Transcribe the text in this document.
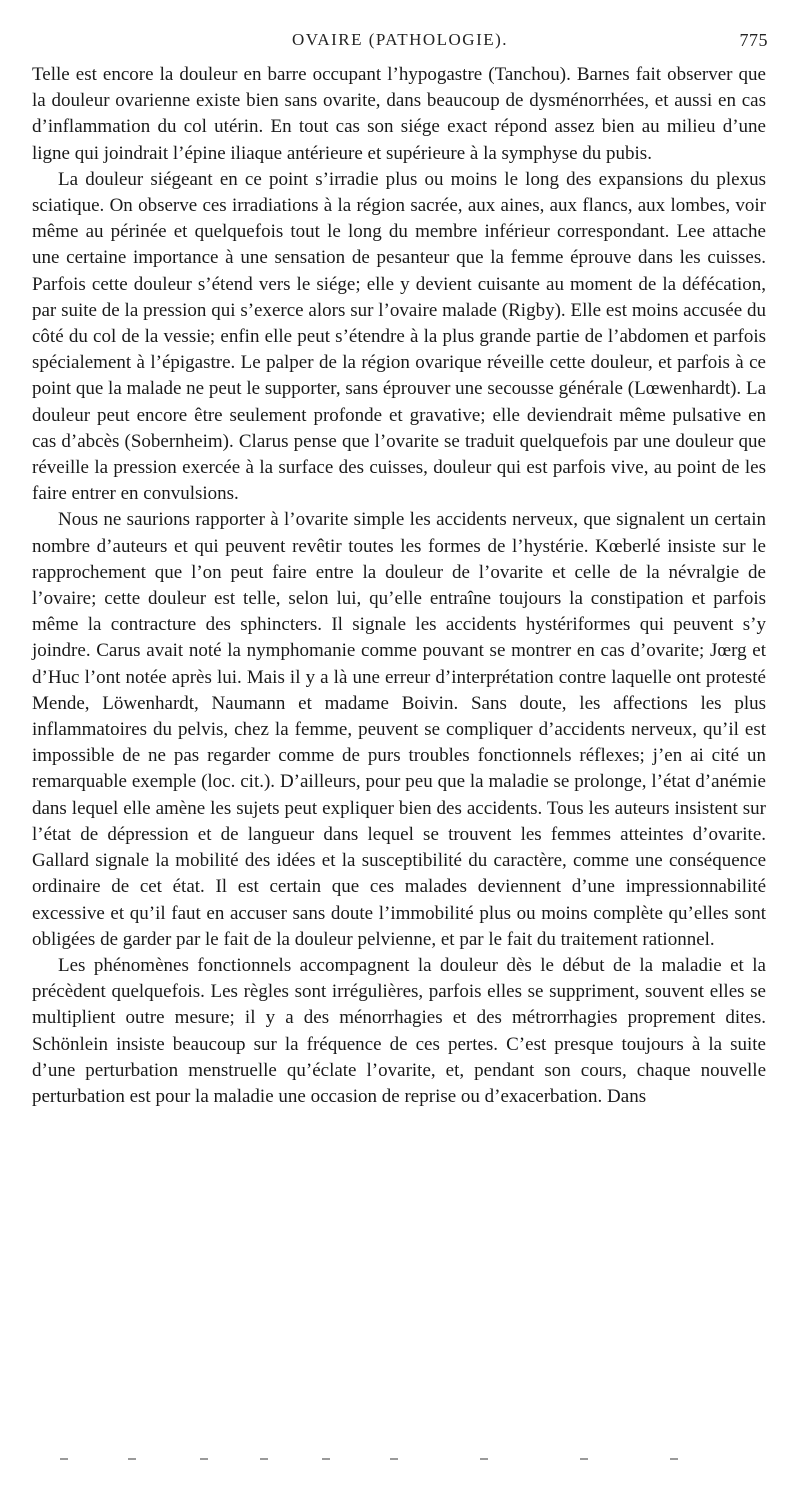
OVAIRE (PATHOLOGIE).	775

Telle est encore la douleur en barre occupant l’hypogastre (Tanchou). Barnes fait observer que la douleur ovarienne existe bien sans ovarite, dans beaucoup de dysménorrhées, et aussi en cas d’inflammation du col utérin. En tout cas son siége exact répond assez bien au milieu d’une ligne qui joindrait l’épine iliaque antérieure et supérieure à la symphyse du pubis.

La douleur siégeant en ce point s’irradie plus ou moins le long des expansions du plexus sciatique. On observe ces irradiations à la région sacrée, aux aines, aux flancs, aux lombes, voir même au périnée et quelquefois tout le long du membre inférieur correspondant. Lee attache une certaine importance à une sensation de pesanteur que la femme éprouve dans les cuisses. Parfois cette douleur s’étend vers le siége; elle y devient cuisante au moment de la défécation, par suite de la pression qui s’exerce alors sur l’ovaire malade (Rigby). Elle est moins accusée du côté du col de la vessie; enfin elle peut s’étendre à la plus grande partie de l’abdomen et parfois spécialement à l’épigastre. Le palper de la région ovarique réveille cette douleur, et parfois à ce point que la malade ne peut le supporter, sans éprouver une secousse générale (Lœwenhardt). La douleur peut encore être seulement profonde et gravative; elle deviendrait même pulsative en cas d’abcès (Sobernheim). Clarus pense que l’ovarite se traduit quelquefois par une douleur que réveille la pression exercée à la surface des cuisses, douleur qui est parfois vive, au point de les faire entrer en convulsions.

Nous ne saurions rapporter à l’ovarite simple les accidents nerveux, que signalent un certain nombre d’auteurs et qui peuvent revêtir toutes les formes de l’hystérie. Kœberlé insiste sur le rapprochement que l’on peut faire entre la douleur de l’ovarite et celle de la névralgie de l’ovaire; cette douleur est telle, selon lui, qu’elle entraîne toujours la constipation et parfois même la contracture des sphincters. Il signale les accidents hystériformes qui peuvent s’y joindre. Carus avait noté la nymphomanie comme pouvant se montrer en cas d’ovarite; Jœrg et d’Huc l’ont notée après lui. Mais il y a là une erreur d’interprétation contre laquelle ont protesté Mende, Löwenhardt, Naumann et madame Boivin. Sans doute, les affections les plus inflammatoires du pelvis, chez la femme, peuvent se compliquer d’accidents nerveux, qu’il est impossible de ne pas regarder comme de purs troubles fonctionnels réflexes; j’en ai cité un remarquable exemple (loc. cit.). D’ailleurs, pour peu que la maladie se prolonge, l’état d’anémie dans lequel elle amène les sujets peut expliquer bien des accidents. Tous les auteurs insistent sur l’état de dépression et de langueur dans lequel se trouvent les femmes atteintes d’ovarite. Gallard signale la mobilité des idées et la susceptibilité du caractère, comme une conséquence ordinaire de cet état. Il est certain que ces malades deviennent d’une impressionnabilité excessive et qu’il faut en accuser sans doute l’immobilité plus ou moins complète qu’elles sont obligées de garder par le fait de la douleur pelvienne, et par le fait du traitement rationnel.

Les phénomènes fonctionnels accompagnent la douleur dès le début de la maladie et la précèdent quelquefois. Les règles sont irrégulières, parfois elles se suppriment, souvent elles se multiplient outre mesure; il y a des ménorrhagies et des métrorrhagies proprement dites. Schönlein insiste beaucoup sur la fréquence de ces pertes. C’est presque toujours à la suite d’une perturbation menstruelle qu’éclate l’ovarite, et, pendant son cours, chaque nouvelle perturbation est pour la maladie une occasion de reprise ou d’exacerbation. Dans
